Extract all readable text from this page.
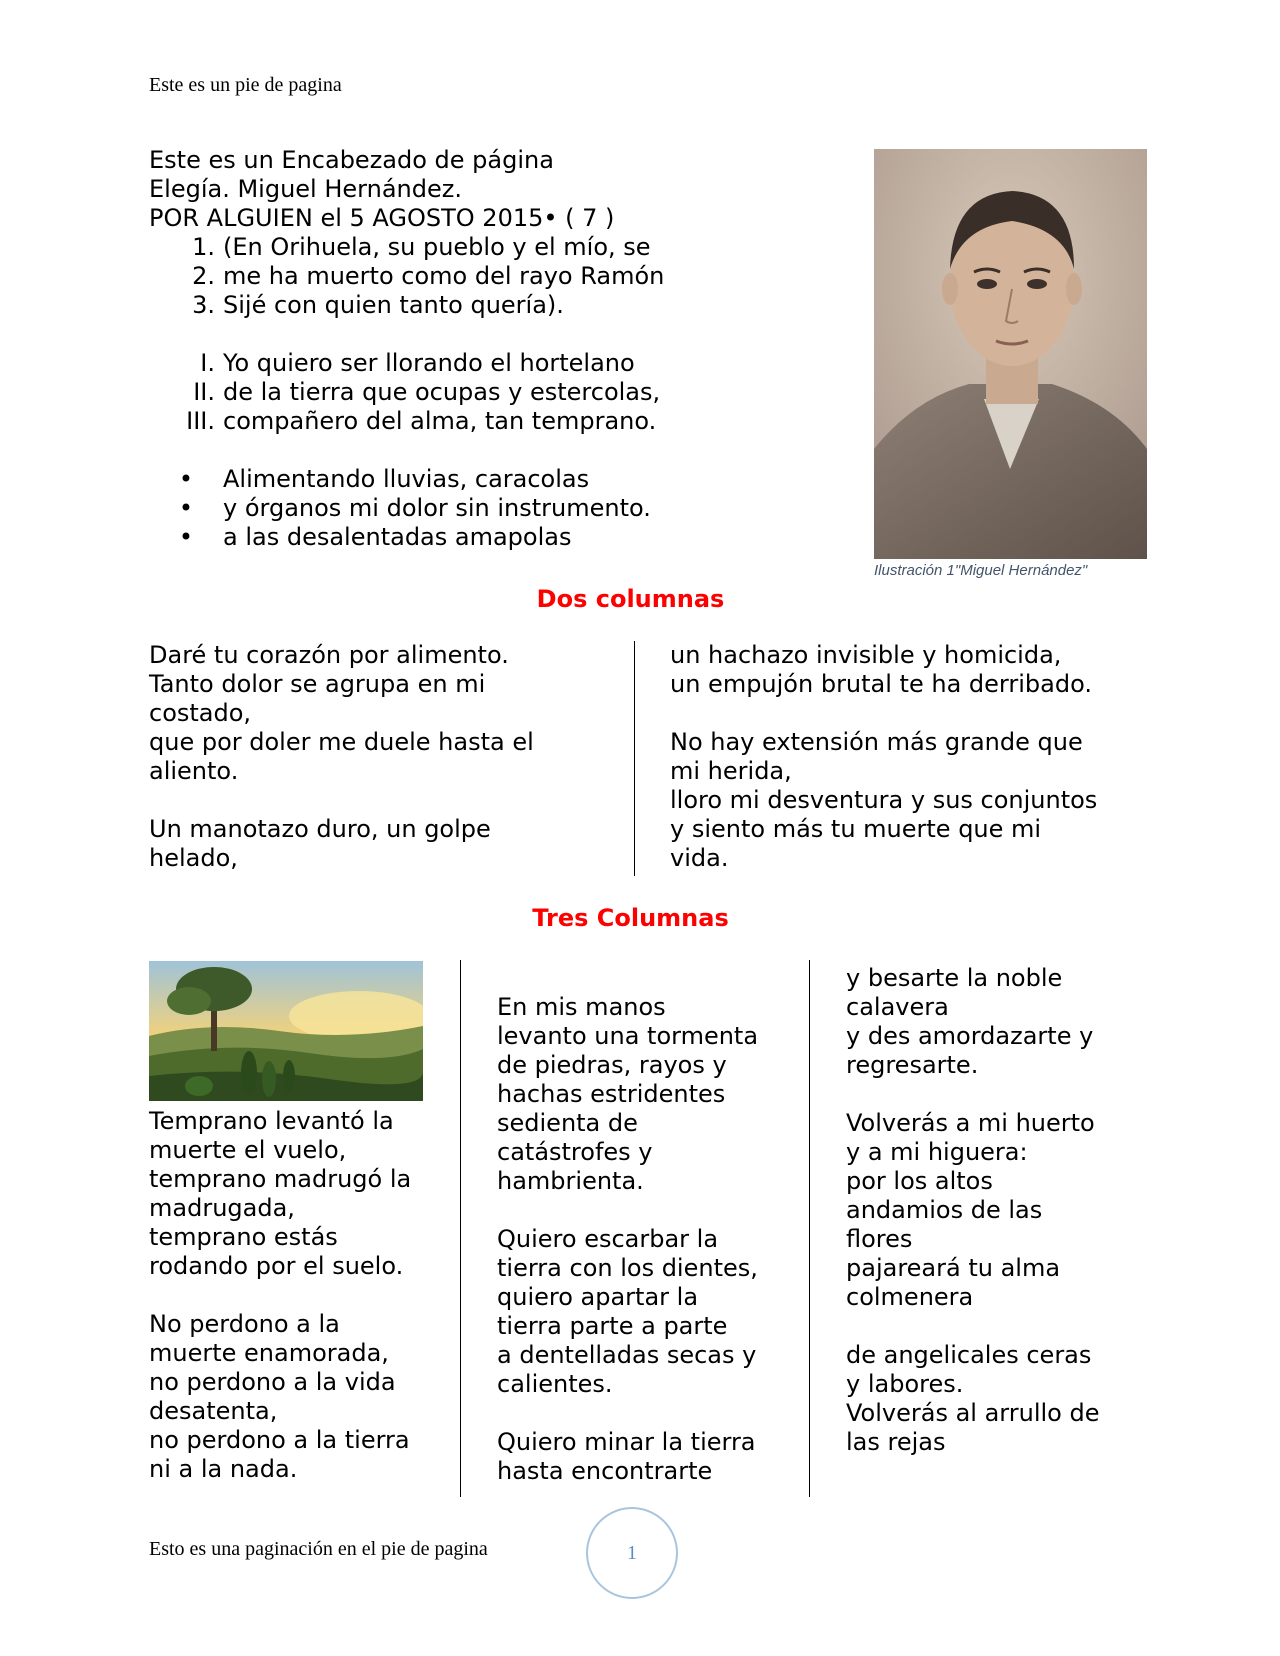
Este es un pie de pagina
Este es un Encabezado de página
Elegía. Miguel Hernández.
POR ALGUIEN el 5 AGOSTO 2015• ( 7 )
1. (En Orihuela, su pueblo y el mío, se
2. me ha muerto como del rayo Ramón
3. Sijé con quien tanto quería).
I. Yo quiero ser llorando el hortelano
II. de la tierra que ocupas y estercolas,
III. compañero del alma, tan temprano.
•	Alimentando lluvias, caracolas
•	y órganos mi dolor sin instrumento.
•	a las desalentadas amapolas
Ilustración 1"Miguel Hernández"
Dos columnas
Daré tu corazón por alimento.
Tanto dolor se agrupa en mi
costado,
que por doler me duele hasta el
aliento.
Un manotazo duro, un golpe
helado,
un hachazo invisible y homicida,
un empujón brutal te ha derribado.
No hay extensión más grande que
mi herida,
lloro mi desventura y sus conjuntos
y siento más tu muerte que mi
vida.
Tres Columnas
Temprano levantó la
muerte el vuelo,
temprano madrugó la
madrugada,
temprano estás
rodando por el suelo.
No perdono a la
muerte enamorada,
no perdono a la vida
desatenta,
no perdono a la tierra
ni a la nada.
En mis manos
levanto una tormenta
de piedras, rayos y
hachas estridentes
sedienta de
catástrofes y
hambrienta.
Quiero escarbar la
tierra con los dientes,
quiero apartar la
tierra parte a parte
a dentelladas secas y
calientes.
Quiero minar la tierra
hasta encontrarte
y besarte la noble
calavera
y des amordazarte y
regresarte.
Volverás a mi huerto
y a mi higuera:
por los altos
andamios de las
flores
pajareará tu alma
colmenera
de angelicales ceras
y labores.
Volverás al arrullo de
las rejas
Esto es una paginación en el pie de pagina	1
